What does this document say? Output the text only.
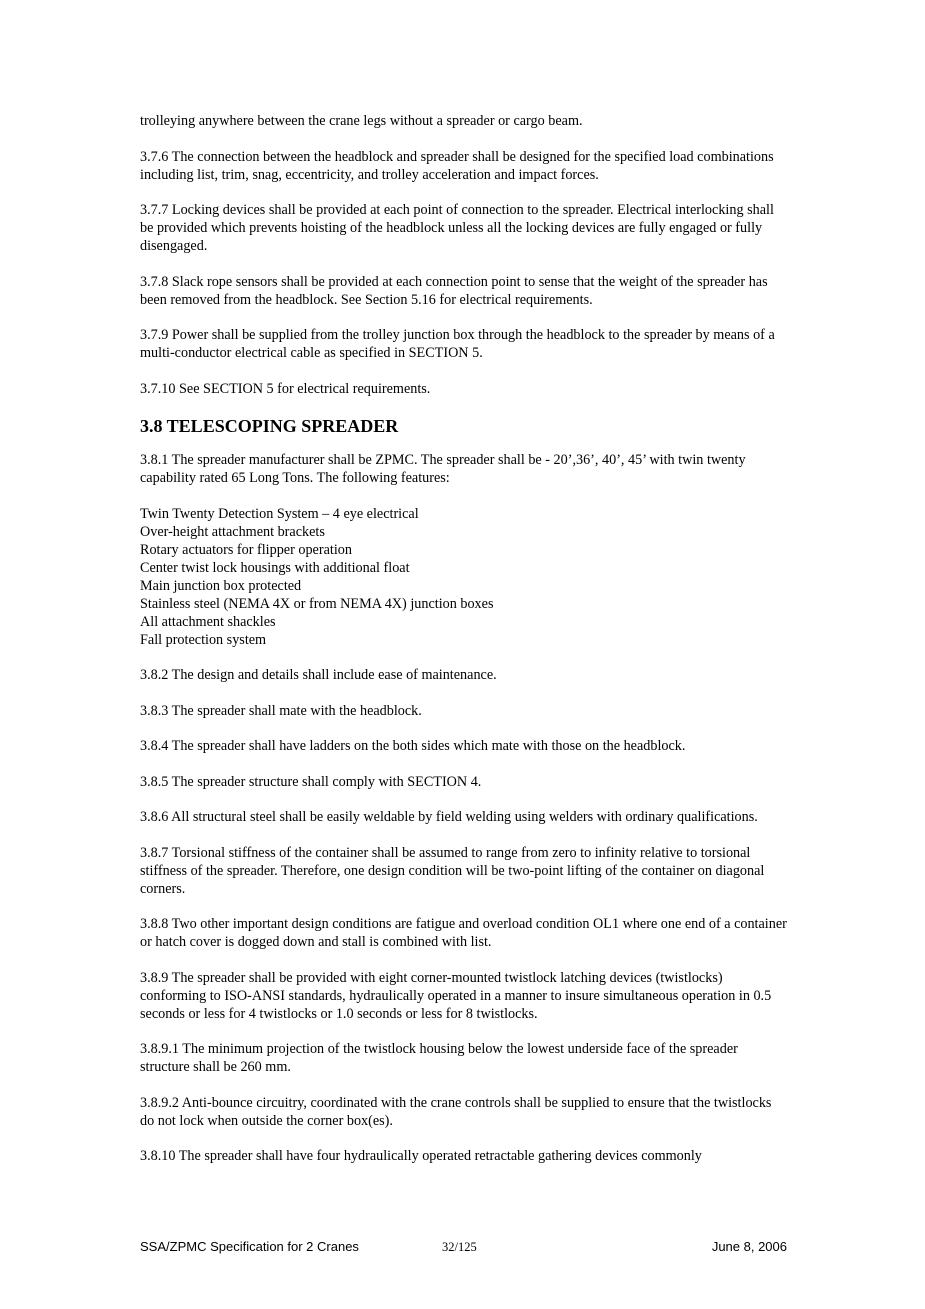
trolleying anywhere between the crane legs without a spreader or cargo beam.

3.7.6 The connection between the headblock and spreader shall be designed for the specified load combinations including list, trim, snag, eccentricity, and trolley acceleration and impact forces.

3.7.7 Locking devices shall be provided at each point of connection to the spreader. Electrical interlocking shall be provided which prevents hoisting of the headblock unless all the locking devices are fully engaged or fully disengaged.

3.7.8 Slack rope sensors shall be provided at each connection point to sense that the weight of the spreader has been removed from the headblock. See Section 5.16 for electrical requirements.

3.7.9 Power shall be supplied from the trolley junction box through the headblock to the spreader by means of a multi-conductor electrical cable as specified in SECTION 5.

3.7.10 See SECTION 5 for electrical requirements.

3.8 TELESCOPING SPREADER

3.8.1 The spreader manufacturer shall be ZPMC. The spreader shall be - 20’,36’, 40’, 45’ with twin twenty capability rated 65 Long Tons. The following features:

Twin Twenty Detection System – 4 eye electrical
Over-height attachment brackets
Rotary actuators for flipper operation
Center twist lock housings with additional float
Main junction box protected
Stainless steel (NEMA 4X or from NEMA 4X) junction boxes
All attachment shackles
Fall protection system

3.8.2 The design and details shall include ease of maintenance.

3.8.3 The spreader shall mate with the headblock.

3.8.4 The spreader shall have ladders on the both sides which mate with those on the headblock.

3.8.5 The spreader structure shall comply with SECTION 4.

3.8.6 All structural steel shall be easily weldable by field welding using welders with ordinary qualifications.

3.8.7 Torsional stiffness of the container shall be assumed to range from zero to infinity relative to torsional stiffness of the spreader. Therefore, one design condition will be two-point lifting of the container on diagonal corners.

3.8.8 Two other important design conditions are fatigue and overload condition OL1 where one end of a container or hatch cover is dogged down and stall is combined with list.

3.8.9 The spreader shall be provided with eight corner-mounted twistlock latching devices (twistlocks) conforming to ISO-ANSI standards, hydraulically operated in a manner to insure simultaneous operation in 0.5 seconds or less for 4 twistlocks or 1.0 seconds or less for 8 twistlocks.

3.8.9.1 The minimum projection of the twistlock housing below the lowest underside face of the spreader structure shall be 260 mm.

3.8.9.2 Anti-bounce circuitry, coordinated with the crane controls shall be supplied to ensure that the twistlocks do not lock when outside the corner box(es).

3.8.10 The spreader shall have four hydraulically operated retractable gathering devices commonly

SSA/ZPMC Specification for 2 Cranes	32/125	June 8, 2006
